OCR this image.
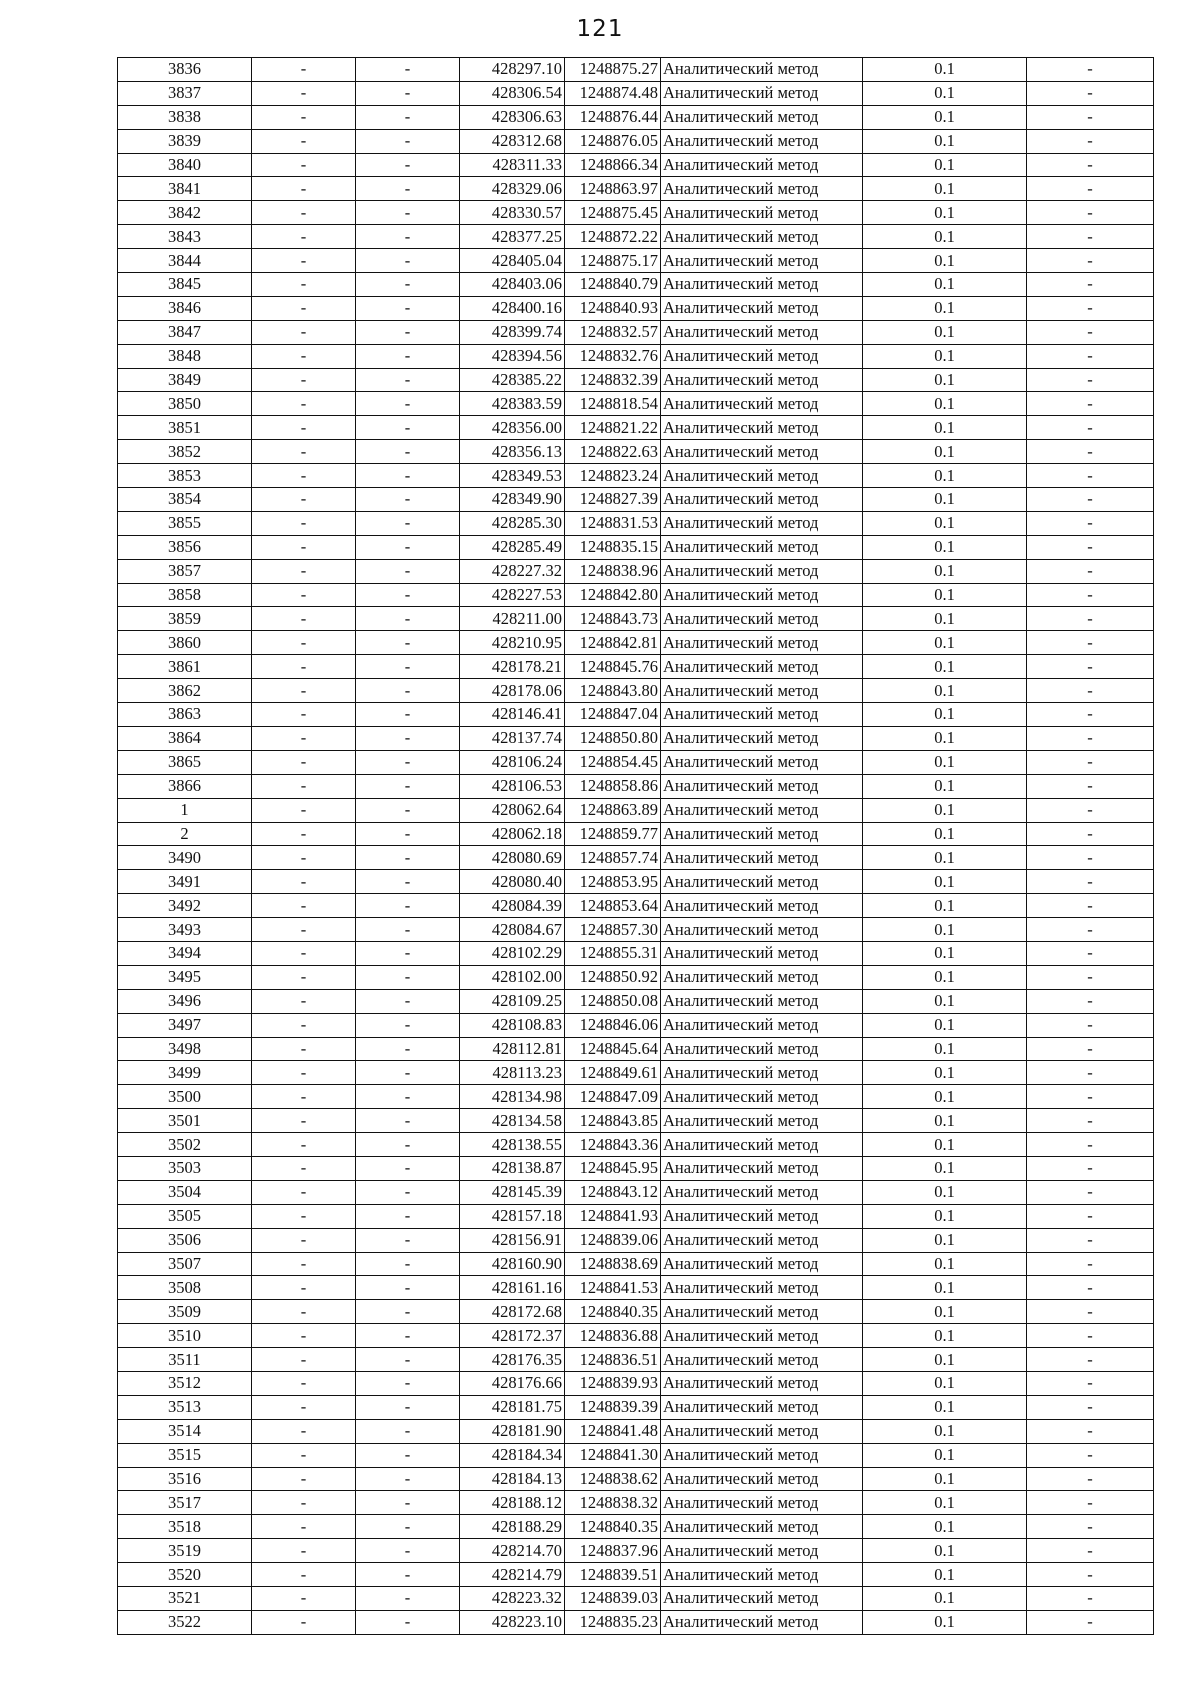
121
3836	-	-	428297.10	1248875.27	Аналитический метод	0.1	-
3837	-	-	428306.54	1248874.48	Аналитический метод	0.1	-
3838	-	-	428306.63	1248876.44	Аналитический метод	0.1	-
3839	-	-	428312.68	1248876.05	Аналитический метод	0.1	-
3840	-	-	428311.33	1248866.34	Аналитический метод	0.1	-
3841	-	-	428329.06	1248863.97	Аналитический метод	0.1	-
3842	-	-	428330.57	1248875.45	Аналитический метод	0.1	-
3843	-	-	428377.25	1248872.22	Аналитический метод	0.1	-
3844	-	-	428405.04	1248875.17	Аналитический метод	0.1	-
3845	-	-	428403.06	1248840.79	Аналитический метод	0.1	-
3846	-	-	428400.16	1248840.93	Аналитический метод	0.1	-
3847	-	-	428399.74	1248832.57	Аналитический метод	0.1	-
3848	-	-	428394.56	1248832.76	Аналитический метод	0.1	-
3849	-	-	428385.22	1248832.39	Аналитический метод	0.1	-
3850	-	-	428383.59	1248818.54	Аналитический метод	0.1	-
3851	-	-	428356.00	1248821.22	Аналитический метод	0.1	-
3852	-	-	428356.13	1248822.63	Аналитический метод	0.1	-
3853	-	-	428349.53	1248823.24	Аналитический метод	0.1	-
3854	-	-	428349.90	1248827.39	Аналитический метод	0.1	-
3855	-	-	428285.30	1248831.53	Аналитический метод	0.1	-
3856	-	-	428285.49	1248835.15	Аналитический метод	0.1	-
3857	-	-	428227.32	1248838.96	Аналитический метод	0.1	-
3858	-	-	428227.53	1248842.80	Аналитический метод	0.1	-
3859	-	-	428211.00	1248843.73	Аналитический метод	0.1	-
3860	-	-	428210.95	1248842.81	Аналитический метод	0.1	-
3861	-	-	428178.21	1248845.76	Аналитический метод	0.1	-
3862	-	-	428178.06	1248843.80	Аналитический метод	0.1	-
3863	-	-	428146.41	1248847.04	Аналитический метод	0.1	-
3864	-	-	428137.74	1248850.80	Аналитический метод	0.1	-
3865	-	-	428106.24	1248854.45	Аналитический метод	0.1	-
3866	-	-	428106.53	1248858.86	Аналитический метод	0.1	-
1	-	-	428062.64	1248863.89	Аналитический метод	0.1	-
2	-	-	428062.18	1248859.77	Аналитический метод	0.1	-
3490	-	-	428080.69	1248857.74	Аналитический метод	0.1	-
3491	-	-	428080.40	1248853.95	Аналитический метод	0.1	-
3492	-	-	428084.39	1248853.64	Аналитический метод	0.1	-
3493	-	-	428084.67	1248857.30	Аналитический метод	0.1	-
3494	-	-	428102.29	1248855.31	Аналитический метод	0.1	-
3495	-	-	428102.00	1248850.92	Аналитический метод	0.1	-
3496	-	-	428109.25	1248850.08	Аналитический метод	0.1	-
3497	-	-	428108.83	1248846.06	Аналитический метод	0.1	-
3498	-	-	428112.81	1248845.64	Аналитический метод	0.1	-
3499	-	-	428113.23	1248849.61	Аналитический метод	0.1	-
3500	-	-	428134.98	1248847.09	Аналитический метод	0.1	-
3501	-	-	428134.58	1248843.85	Аналитический метод	0.1	-
3502	-	-	428138.55	1248843.36	Аналитический метод	0.1	-
3503	-	-	428138.87	1248845.95	Аналитический метод	0.1	-
3504	-	-	428145.39	1248843.12	Аналитический метод	0.1	-
3505	-	-	428157.18	1248841.93	Аналитический метод	0.1	-
3506	-	-	428156.91	1248839.06	Аналитический метод	0.1	-
3507	-	-	428160.90	1248838.69	Аналитический метод	0.1	-
3508	-	-	428161.16	1248841.53	Аналитический метод	0.1	-
3509	-	-	428172.68	1248840.35	Аналитический метод	0.1	-
3510	-	-	428172.37	1248836.88	Аналитический метод	0.1	-
3511	-	-	428176.35	1248836.51	Аналитический метод	0.1	-
3512	-	-	428176.66	1248839.93	Аналитический метод	0.1	-
3513	-	-	428181.75	1248839.39	Аналитический метод	0.1	-
3514	-	-	428181.90	1248841.48	Аналитический метод	0.1	-
3515	-	-	428184.34	1248841.30	Аналитический метод	0.1	-
3516	-	-	428184.13	1248838.62	Аналитический метод	0.1	-
3517	-	-	428188.12	1248838.32	Аналитический метод	0.1	-
3518	-	-	428188.29	1248840.35	Аналитический метод	0.1	-
3519	-	-	428214.70	1248837.96	Аналитический метод	0.1	-
3520	-	-	428214.79	1248839.51	Аналитический метод	0.1	-
3521	-	-	428223.32	1248839.03	Аналитический метод	0.1	-
3522	-	-	428223.10	1248835.23	Аналитический метод	0.1	-
